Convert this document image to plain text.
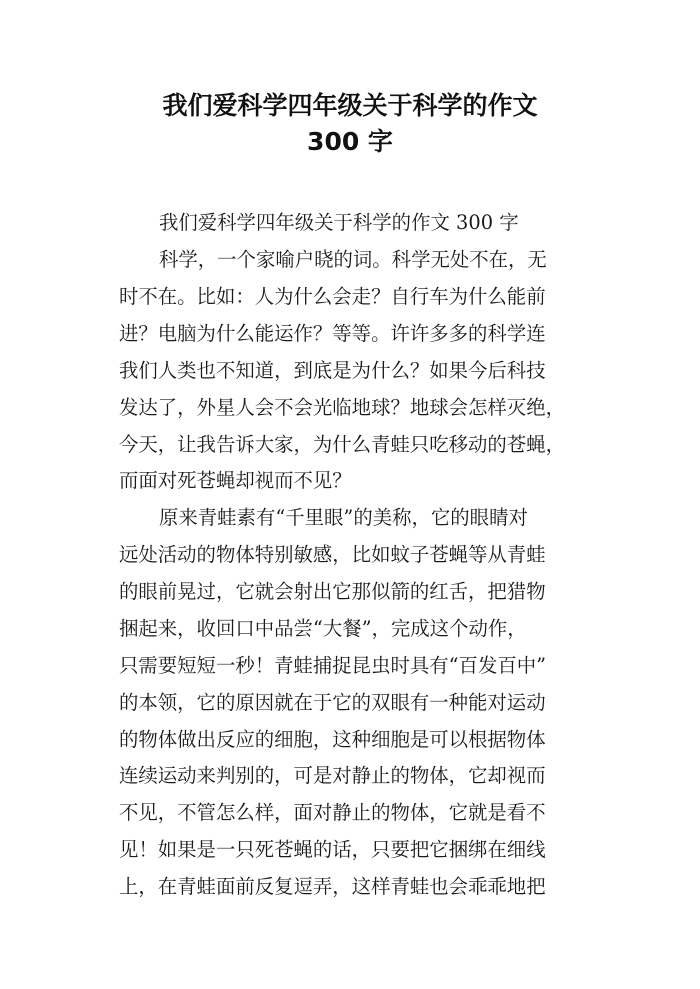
我们爱科学四年级关于科学的作文
300 字
我们爱科学四年级关于科学的作文 300 字
科学，一个家喻户晓的词。科学无处不在，无
时不在。比如：人为什么会走？自行车为什么能前
进？电脑为什么能运作？等等。许许多多的科学连
我们人类也不知道，到底是为什么？如果今后科技
发达了，外星人会不会光临地球？地球会怎样灭绝，
今天，让我告诉大家，为什么青蛙只吃移动的苍蝇，
而面对死苍蝇却视而不见？
原来青蛙素有“千里眼”的美称，它的眼睛对
远处活动的物体特别敏感，比如蚊子苍蝇等从青蛙
的眼前晃过，它就会射出它那似箭的红舌，把猎物
捆起来，收回口中品尝“大餐”，完成这个动作，
只需要短短一秒！青蛙捕捉昆虫时具有“百发百中”
的本领，它的原因就在于它的双眼有一种能对运动
的物体做出反应的细胞，这种细胞是可以根据物体
连续运动来判别的，可是对静止的物体，它却视而
不见，不管怎么样，面对静止的物体，它就是看不
见！如果是一只死苍蝇的话，只要把它捆绑在细线
上，在青蛙面前反复逗弄，这样青蛙也会乖乖地把
